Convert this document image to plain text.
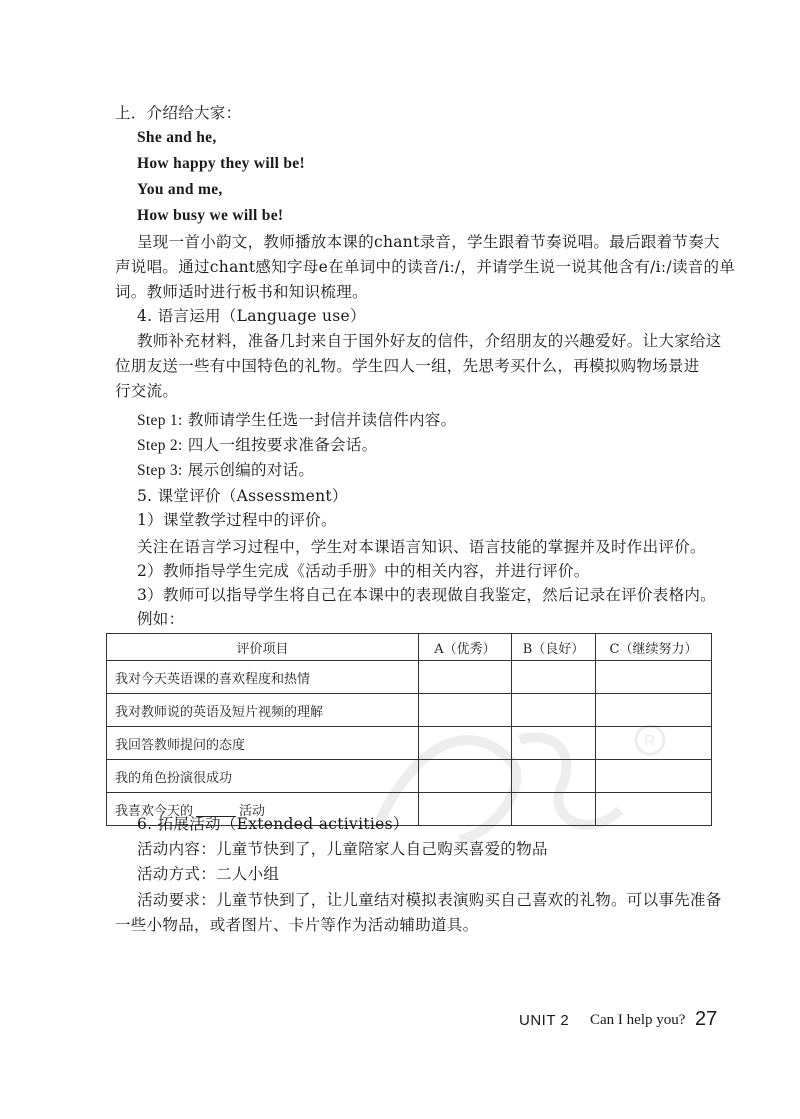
R
上．介绍给大家：
She and he,
How happy they will be!
You and me,
How busy we will be!
呈现一首小韵文，教师播放本课的chant录音，学生跟着节奏说唱。最后跟着节奏大
声说唱。通过chant感知字母e在单词中的读音/iː/，并请学生说一说其他含有/iː/读音的单
词。教师适时进行板书和知识梳理。
4. 语言运用（Language use）
教师补充材料，准备几封来自于国外好友的信件，介绍朋友的兴趣爱好。让大家给这
位朋友送一些有中国特色的礼物。学生四人一组，先思考买什么，再模拟购物场景进
行交流。
Step 1: 教师请学生任选一封信并读信件内容。
Step 2: 四人一组按要求准备会话。
Step 3: 展示创编的对话。
5. 课堂评价（Assessment）
1）课堂教学过程中的评价。
关注在语言学习过程中，学生对本课语言知识、语言技能的掌握并及时作出评价。
2）教师指导学生完成《活动手册》中的相关内容，并进行评价。
3）教师可以指导学生将自己在本课中的表现做自我鉴定，然后记录在评价表格内。
例如：
评价项目	A（优秀）	B（良好）	C（继续努力）
我对今天英语课的喜欢程度和热情			
我对教师说的英语及短片视频的理解			
我回答教师提问的态度			
我的角色扮演很成功			
我喜欢今天的 活动			
6. 拓展活动（Extended activities）
活动内容：儿童节快到了，儿童陪家人自己购买喜爱的物品
活动方式：二人小组
活动要求：儿童节快到了，让儿童结对模拟表演购买自己喜欢的礼物。可以事先准备
一些小物品，或者图片、卡片等作为活动辅助道具。
UNIT 2 Can I help you? 27
